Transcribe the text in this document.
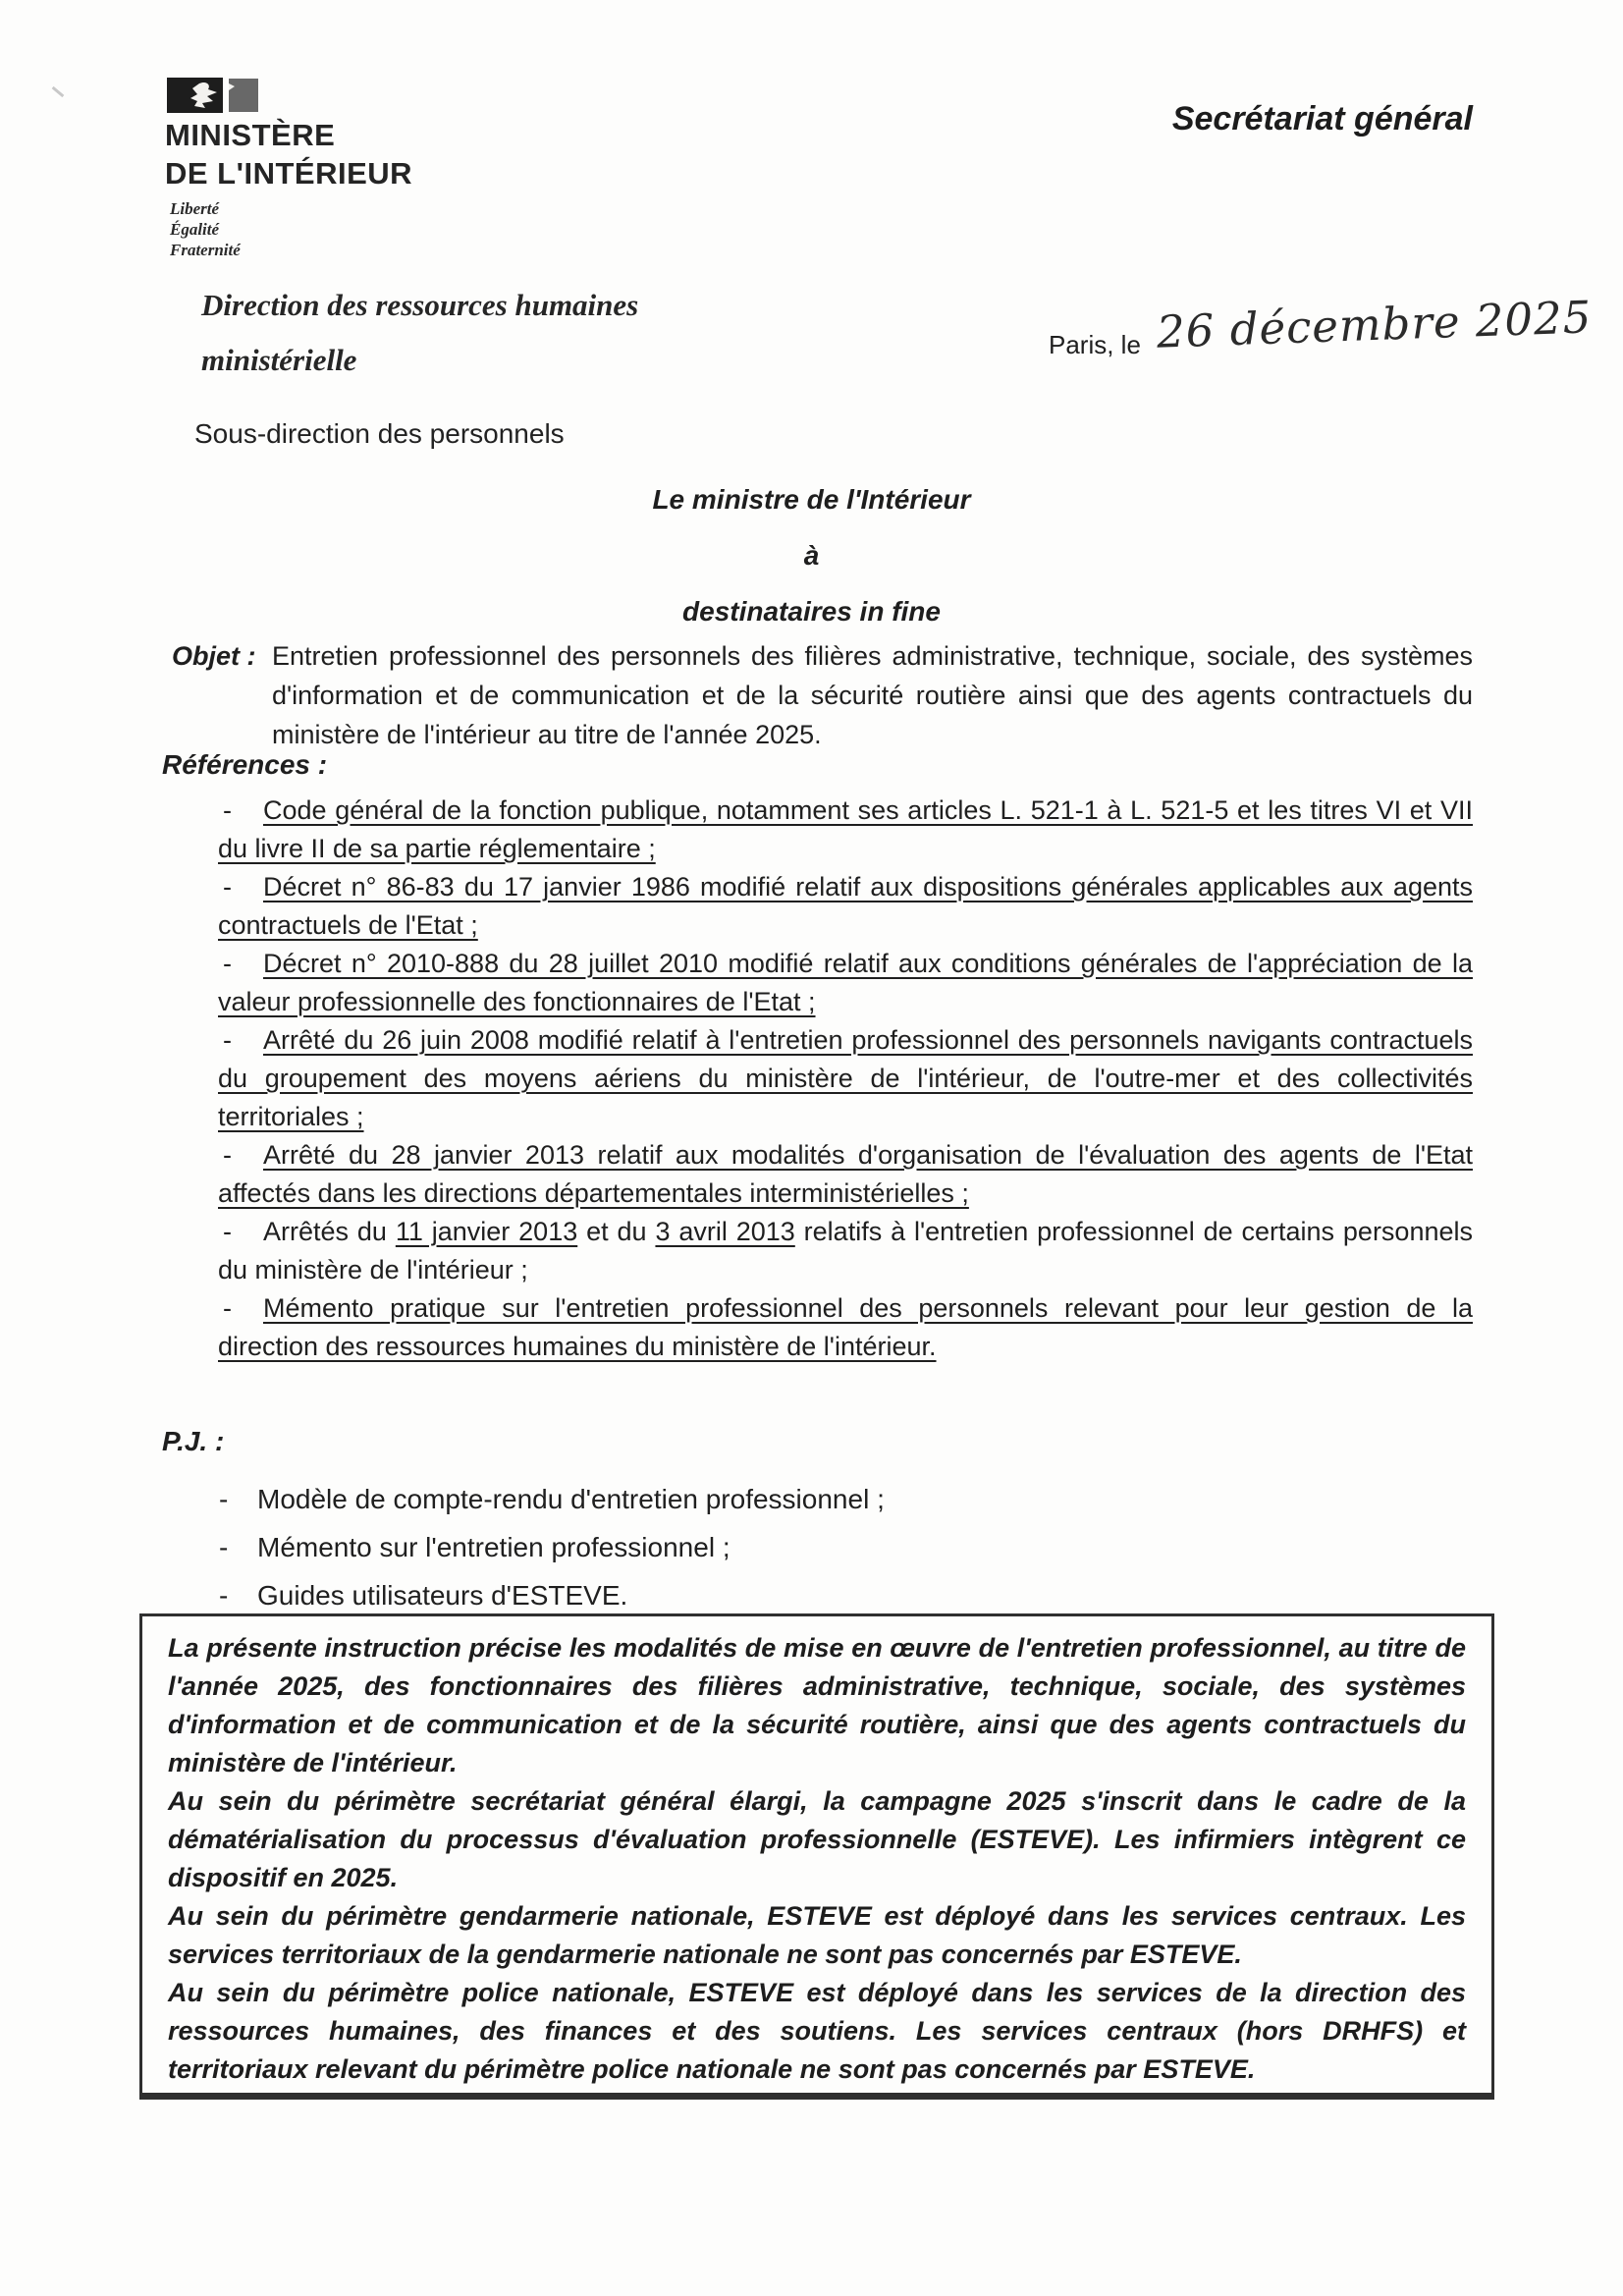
MINISTÈRE
DE L'INTÉRIEUR
Liberté
Égalité
Fraternité
Secrétariat général
Direction des ressources humaines
ministérielle	Paris, le 26 décembre 2025
Sous-direction des personnels
Le ministre de l'Intérieur
à
destinataires in fine
Objet : Entretien professionnel des personnels des filières administrative, technique, sociale, des systèmes d'information et de communication et de la sécurité routière ainsi que des agents contractuels du ministère de l'intérieur au titre de l'année 2025.
Références :
- Code général de la fonction publique, notamment ses articles L. 521-1 à L. 521-5 et les titres VI et VII du livre II de sa partie réglementaire ;
- Décret n° 86-83 du 17 janvier 1986 modifié relatif aux dispositions générales applicables aux agents contractuels de l'Etat ;
- Décret n° 2010-888 du 28 juillet 2010 modifié relatif aux conditions générales de l'appréciation de la valeur professionnelle des fonctionnaires de l'Etat ;
- Arrêté du 26 juin 2008 modifié relatif à l'entretien professionnel des personnels navigants contractuels du groupement des moyens aériens du ministère de l'intérieur, de l'outre-mer et des collectivités territoriales ;
- Arrêté du 28 janvier 2013 relatif aux modalités d'organisation de l'évaluation des agents de l'Etat affectés dans les directions départementales interministérielles ;
- Arrêtés du 11 janvier 2013 et du 3 avril 2013 relatifs à l'entretien professionnel de certains personnels du ministère de l'intérieur ;
- Mémento pratique sur l'entretien professionnel des personnels relevant pour leur gestion de la direction des ressources humaines du ministère de l'intérieur.
P.J. :
- Modèle de compte-rendu d'entretien professionnel ;
- Mémento sur l'entretien professionnel ;
- Guides utilisateurs d'ESTEVE.

La présente instruction précise les modalités de mise en œuvre de l'entretien professionnel, au titre de l'année 2025, des fonctionnaires des filières administrative, technique, sociale, des systèmes d'information et de communication et de la sécurité routière, ainsi que des agents contractuels du ministère de l'intérieur.

Au sein du périmètre secrétariat général élargi, la campagne 2025 s'inscrit dans le cadre de la dématérialisation du processus d'évaluation professionnelle (ESTEVE). Les infirmiers intègrent ce dispositif en 2025.

Au sein du périmètre gendarmerie nationale, ESTEVE est déployé dans les services centraux. Les services territoriaux de la gendarmerie nationale ne sont pas concernés par ESTEVE.

Au sein du périmètre police nationale, ESTEVE est déployé dans les services de la direction des ressources humaines, des finances et des soutiens. Les services centraux (hors DRHFS) et territoriaux relevant du périmètre police nationale ne sont pas concernés par ESTEVE.
